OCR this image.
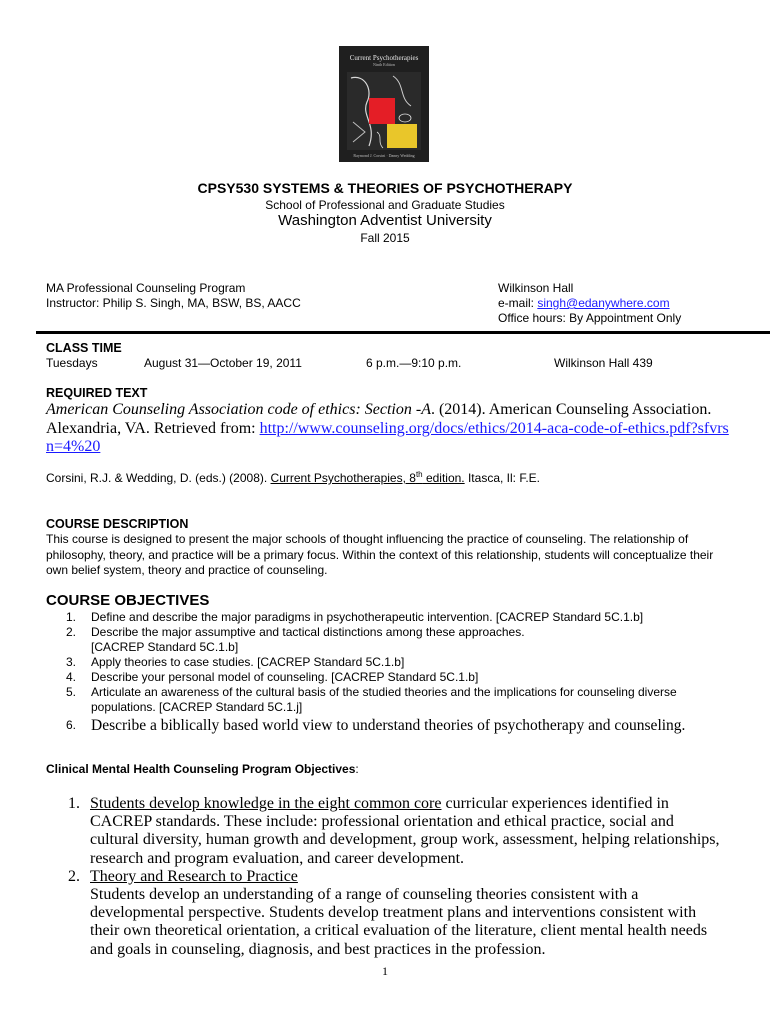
Current Psychotherapies
Ninth Edition
Raymond J. Corsini · Danny Wedding
CPSY530 SYSTEMS & THEORIES OF PSYCHOTHERAPY
School of Professional and Graduate Studies
Washington Adventist University
Fall 2015
MA Professional Counseling Program
Instructor: Philip S. Singh, MA, BSW, BS, AACC
Wilkinson Hall
e-mail: singh@edanywhere.com
Office hours: By Appointment Only
CLASS TIME
Tuesdays	August 31—October 19, 2011	6 p.m.—9:10 p.m.	Wilkinson Hall 439
REQUIRED TEXT
American Counseling Association code of ethics: Section -A. (2014). American Counseling Association. Alexandria, VA. Retrieved from: http://www.counseling.org/docs/ethics/2014-aca-code-of-ethics.pdf?sfvrsn=4%20
Corsini, R.J. & Wedding, D. (eds.) (2008). Current Psychotherapies, 8th edition. Itasca, Il: F.E.
COURSE DESCRIPTION
This course is designed to present the major schools of thought influencing the practice of counseling. The relationship of philosophy, theory, and practice will be a primary focus. Within the context of this relationship, students will conceptualize their own belief system, theory and practice of counseling.
COURSE OBJECTIVES
1. Define and describe the major paradigms in psychotherapeutic intervention. [CACREP Standard 5C.1.b]
2. Describe the major assumptive and tactical distinctions among these approaches. [CACREP Standard 5C.1.b]
3. Apply theories to case studies. [CACREP Standard 5C.1.b]
4. Describe your personal model of counseling. [CACREP Standard 5C.1.b]
5. Articulate an awareness of the cultural basis of the studied theories and the implications for counseling diverse populations. [CACREP Standard 5C.1.j]
6. Describe a biblically based world view to understand theories of psychotherapy and counseling.
Clinical Mental Health Counseling Program Objectives:
1. Students develop knowledge in the eight common core curricular experiences identified in CACREP standards. These include: professional orientation and ethical practice, social and cultural diversity, human growth and development, group work, assessment, helping relationships, research and program evaluation, and career development.
2. Theory and Research to Practice
Students develop an understanding of a range of counseling theories consistent with a developmental perspective. Students develop treatment plans and interventions consistent with their own theoretical orientation, a critical evaluation of the literature, client mental health needs and goals in counseling, diagnosis, and best practices in the profession.
1
